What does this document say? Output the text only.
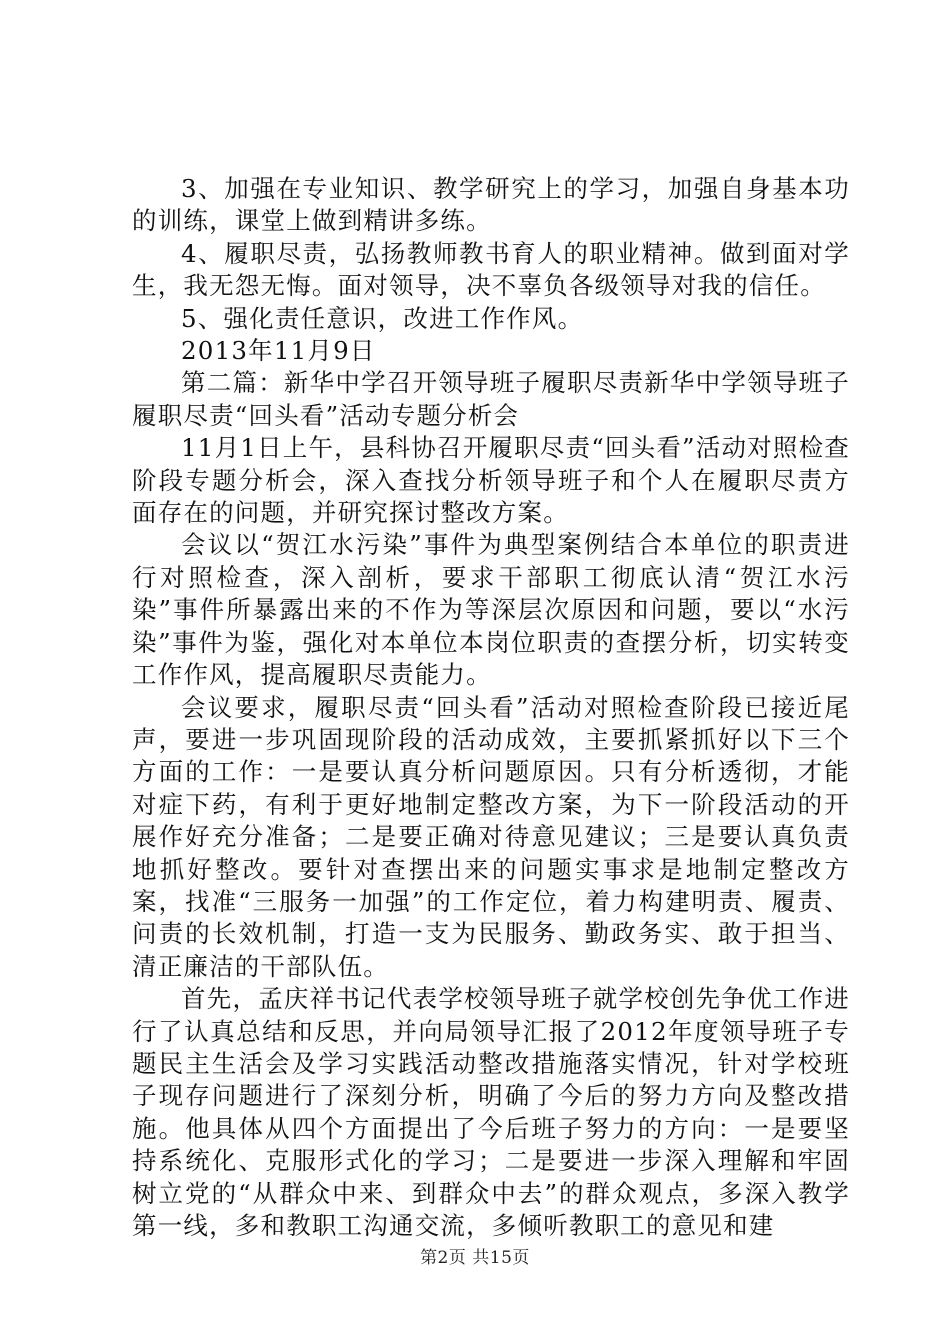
3、加强在专业知识、教学研究上的学习，加强自身基本功的训练，课堂上做到精讲多练。

4、履职尽责，弘扬教师教书育人的职业精神。做到面对学生，我无怨无悔。面对领导，决不辜负各级领导对我的信任。

5、强化责任意识，改进工作作风。

2013年11月9日

第二篇：新华中学召开领导班子履职尽责新华中学领导班子履职尽责“回头看”活动专题分析会

11月1日上午，县科协召开履职尽责“回头看”活动对照检查阶段专题分析会，深入查找分析领导班子和个人在履职尽责方面存在的问题，并研究探讨整改方案。

会议以“贺江水污染”事件为典型案例结合本单位的职责进行对照检查，深入剖析，要求干部职工彻底认清“贺江水污染”事件所暴露出来的不作为等深层次原因和问题，要以“水污染”事件为鉴，强化对本单位本岗位职责的查摆分析，切实转变工作作风，提高履职尽责能力。

会议要求，履职尽责“回头看”活动对照检查阶段已接近尾声，要进一步巩固现阶段的活动成效，主要抓紧抓好以下三个方面的工作：一是要认真分析问题原因。只有分析透彻，才能对症下药，有利于更好地制定整改方案，为下一阶段活动的开展作好充分准备；二是要正确对待意见建议；三是要认真负责地抓好整改。要针对查摆出来的问题实事求是地制定整改方案，找准“三服务一加强”的工作定位，着力构建明责、履责、问责的长效机制，打造一支为民服务、勤政务实、敢于担当、清正廉洁的干部队伍。

首先，孟庆祥书记代表学校领导班子就学校创先争优工作进行了认真总结和反思，并向局领导汇报了2012年度领导班子专题民主生活会及学习实践活动整改措施落实情况，针对学校班子现存问题进行了深刻分析，明确了今后的努力方向及整改措施。他具体从四个方面提出了今后班子努力的方向：一是要坚持系统化、克服形式化的学习；二是要进一步深入理解和牢固树立党的“从群众中来、到群众中去”的群众观点，多深入教学第一线，多和教职工沟通交流，多倾听教职工的意见和建

第2页 共15页
